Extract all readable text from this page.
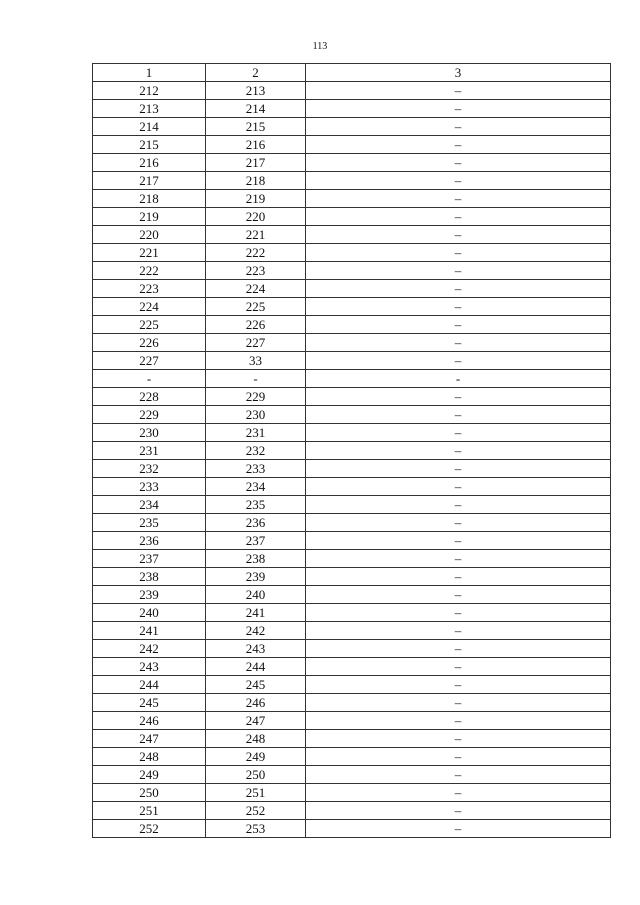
113
1	2	3
212	213	–
213	214	–
214	215	–
215	216	–
216	217	–
217	218	–
218	219	–
219	220	–
220	221	–
221	222	–
222	223	–
223	224	–
224	225	–
225	226	–
226	227	–
227	33	–
-	-	-
228	229	–
229	230	–
230	231	–
231	232	–
232	233	–
233	234	–
234	235	–
235	236	–
236	237	–
237	238	–
238	239	–
239	240	–
240	241	–
241	242	–
242	243	–
243	244	–
244	245	–
245	246	–
246	247	–
247	248	–
248	249	–
249	250	–
250	251	–
251	252	–
252	253	–
